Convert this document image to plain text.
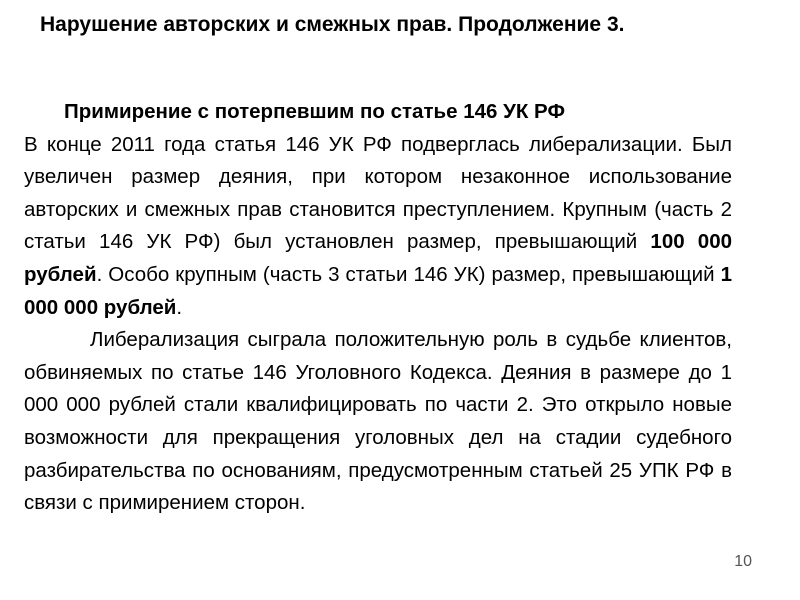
Нарушение авторских и смежных прав. Продолжение 3.
Примирение с потерпевшим по статье 146 УК РФ

В конце 2011 года статья 146 УК РФ подверглась либерализации. Был увеличен размер деяния, при котором незаконное использование авторских и смежных прав становится преступлением. Крупным (часть 2 статьи 146 УК РФ) был установлен размер, превышающий 100 000 рублей. Особо крупным (часть 3 статьи 146 УК) размер, превышающий 1 000 000 рублей.

Либерализация сыграла положительную роль в судьбе клиентов, обвиняемых по статье 146 Уголовного Кодекса. Деяния в размере до 1 000 000 рублей стали квалифицировать по части 2. Это открыло новые возможности для прекращения уголовных дел на стадии судебного разбирательства по основаниям, предусмотренным статьей 25 УПК РФ в связи с примирением сторон.

10
